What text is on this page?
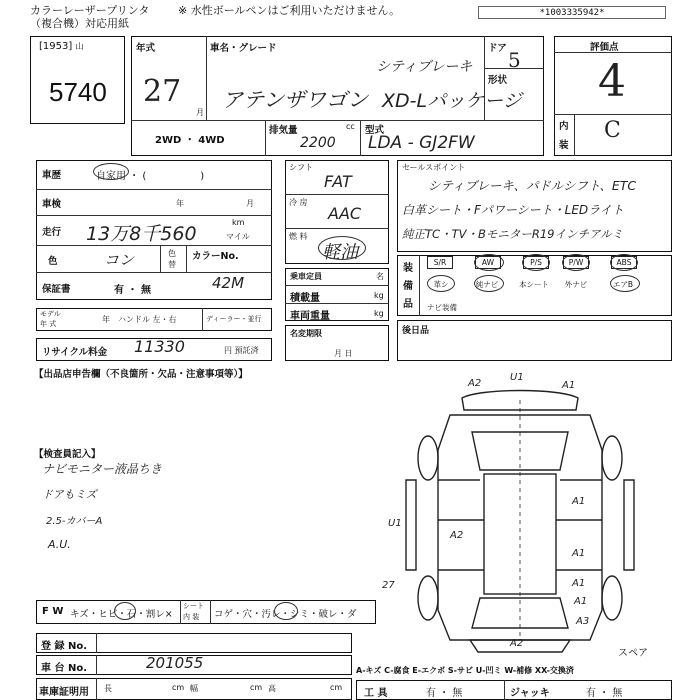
カラーレーザープリンタ
（複合機）対応用紙
※ 水性ボールペンはご利用いただけません。	*1003335942*
[1953] 山
5740
年式
27
月
車名・グレード
シティブレーキ
アテンザワゴン XD-Lパッケージ
ドア 5
形状
2WD ・ 4WD
排気量
2200
cc 型式
LDA - GJ2FW
評価点
4
内
装
C
車歴	自家用 ・ (                 )
車検	年	月
走行 13万8千560
km
マイル
色	コン	色
替
カラーNo.
保証書	有 ・ 無	42M
モデル
年 式	年 ハンドル 左・右	ディーラー・並行
リサイクル料金 11330	円 預託済
シフト
FAT
冷 房
AAC
燃 料
軽油
乗車定員	名
積載量	kg
車両重量	kg
名変期限
月 日
セールスポイント
シティブレーキ、パドルシフト、ETC
白革シート・Fパワーシート・LEDライト
純正TC・TV・BモニターR19インチアルミ
装
備
品
S/R	AW	P/S	P/W	ABS
革シ	純ナビ	本シート	外ナビ	エアB
ナビ装備
後日品
【出品店申告欄（不良箇所・欠品・注意事項等）】
【検査員記入】
ナビモニター液晶ちき
ドアもミズ
2.5-カバーA
A.U.
A2
U1
A1
A1
A1
A2
U1
A1
A1
A3
A2
27
スペア
F W キズ・ヒビ・石・割レ×
シート
内 装 コゲ・穴・汚レ・シミ・破レ・ダ
登 録 No.
車 台 No.	201055
車庫証明用 長	cm 幅	cm 高	cm
A-キズ C-腐食 E-エクボ S-サビ U-凹ミ W-補修 XX-交換済
工 具	有 ・ 無	ジャッキ	有 ・ 無
